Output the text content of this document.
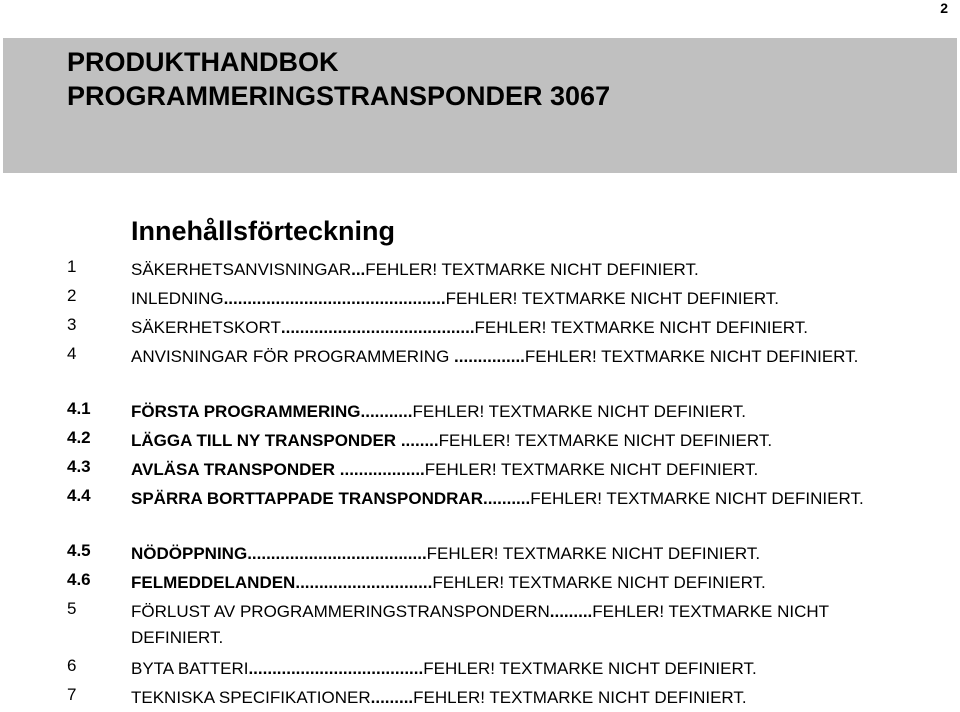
2
PRODUKTHANDBOK
PROGRAMMERINGSTRANSPONDER 3067
Innehållsförteckning
1	SÄKERHETSANVISNINGAR...FEHLER! TEXTMARKE NICHT DEFINIERT.
2	INLEDNING...............................................FEHLER! TEXTMARKE NICHT DEFINIERT.
3	SÄKERHETSKORT.........................................FEHLER! TEXTMARKE NICHT DEFINIERT.
4	ANVISNINGAR FÖR PROGRAMMERING ...............FEHLER! TEXTMARKE NICHT DEFINIERT.
4.1 FÖRSTA PROGRAMMERING...........FEHLER! TEXTMARKE NICHT DEFINIERT.
4.2 LÄGGA TILL NY TRANSPONDER ........FEHLER! TEXTMARKE NICHT DEFINIERT.
4.3 AVLÄSA TRANSPONDER ..................FEHLER! TEXTMARKE NICHT DEFINIERT.
4.4 SPÄRRA BORTTAPPADE TRANSPONDRAR..........FEHLER! TEXTMARKE NICHT DEFINIERT.
4.5 NÖDÖPPNING......................................FEHLER! TEXTMARKE NICHT DEFINIERT.
4.6 FELMEDDELANDEN.............................FEHLER! TEXTMARKE NICHT DEFINIERT.
5	FÖRLUST AV PROGRAMMERINGSTRANSPONDERN.........FEHLER! TEXTMARKE NICHT DEFINIERT.
6	BYTA BATTERI.....................................FEHLER! TEXTMARKE NICHT DEFINIERT.
7	TEKNISKA SPECIFIKATIONER.........FEHLER! TEXTMARKE NICHT DEFINIERT.
